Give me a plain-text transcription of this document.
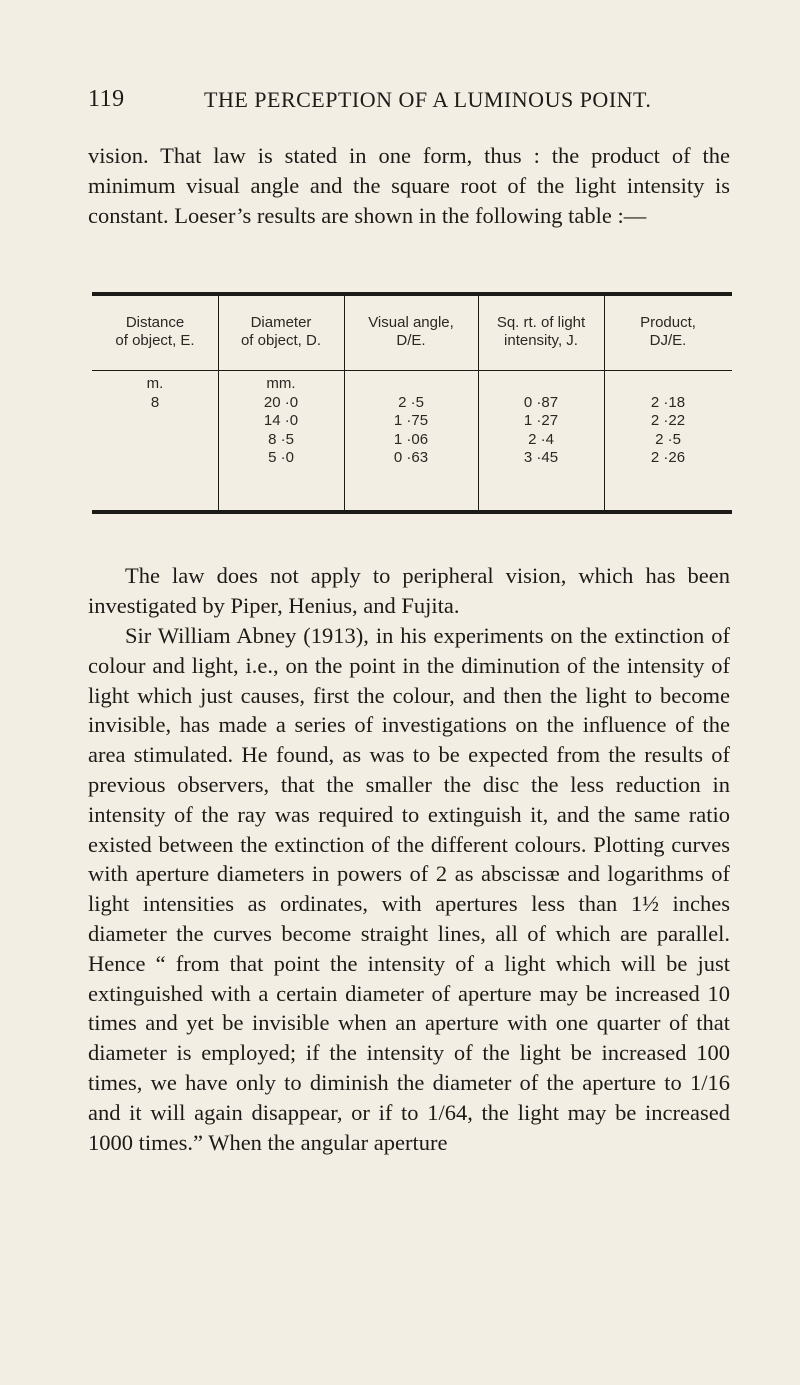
119	THE PERCEPTION OF A LUMINOUS POINT.

vision. That law is stated in one form, thus : the product of the minimum visual angle and the square root of the light intensity is constant. Loeser’s results are shown in the following table :—

Distance
of object, E.
m.
8
Diameter
of object, D.
mm.
20 ·0
14 ·0
8 ·5
5 ·0
Visual angle,
D/E.
2 ·5
1 ·75
1 ·06
0 ·63
Sq. rt. of light
intensity, J.
0 ·87
1 ·27
2 ·4
3 ·45
Product,
DJ/E.
2 ·18
2 ·22
2 ·5
2 ·26

The law does not apply to peripheral vision, which has been investigated by Piper, Henius, and Fujita.

Sir William Abney (1913), in his experiments on the extinction of colour and light, i.e., on the point in the diminution of the intensity of light which just causes, first the colour, and then the light to become invisible, has made a series of investigations on the influence of the area stimulated. He found, as was to be expected from the results of previous observers, that the smaller the disc the less reduction in intensity of the ray was required to extinguish it, and the same ratio existed between the extinction of the different colours. Plotting curves with aperture diameters in powers of 2 as abscissæ and logarithms of light intensities as ordinates, with apertures less than 1½ inches diameter the curves become straight lines, all of which are parallel. Hence “ from that point the intensity of a light which will be just extinguished with a certain diameter of aperture may be increased 10 times and yet be invisible when an aperture with one quarter of that diameter is employed; if the intensity of the light be increased 100 times, we have only to diminish the diameter of the aperture to 1/16 and it will again disappear, or if to 1/64, the light may be increased 1000 times.” When the angular aperture
